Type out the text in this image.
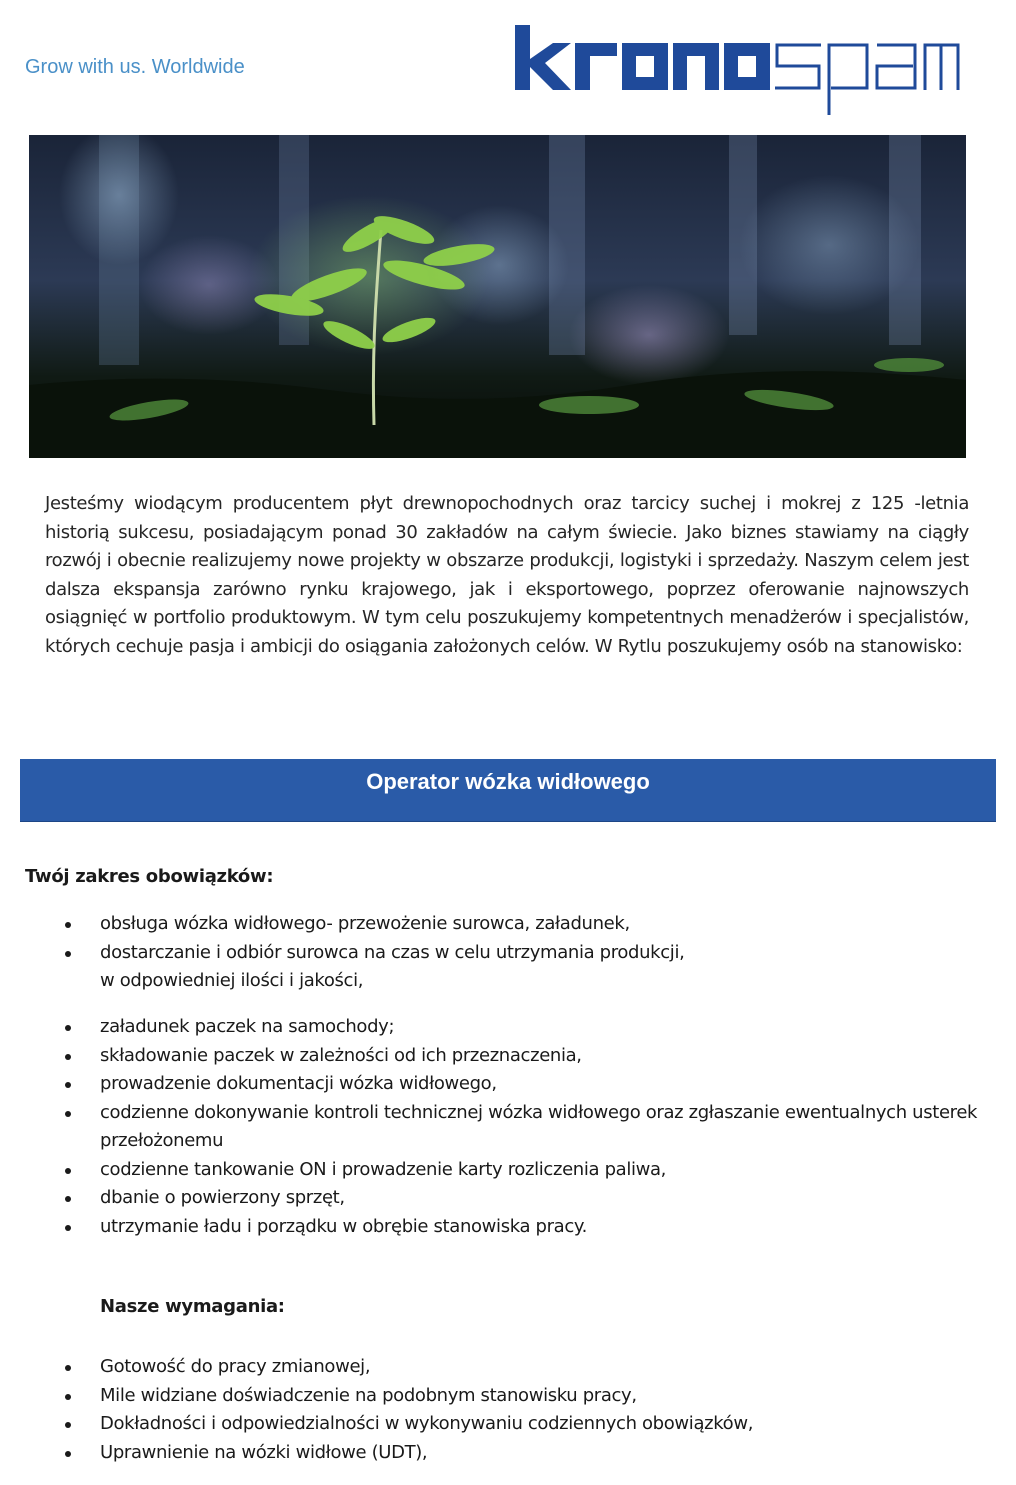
Grow with us. Worldwide
Jesteśmy wiodącym producentem płyt drewnopochodnych oraz tarcicy suchej i mokrej z 125 -letnia historią sukcesu, posiadającym ponad 30 zakładów na całym świecie. Jako biznes stawiamy na ciągły rozwój i obecnie realizujemy nowe projekty w obszarze produkcji, logistyki i sprzedaży. Naszym celem jest dalsza ekspansja zarówno rynku krajowego, jak i eksportowego, poprzez oferowanie najnowszych osiągnięć w portfolio produktowym. W tym celu poszukujemy kompetentnych menadżerów i specjalistów, których cechuje pasja i ambicji do osiągania założonych celów. W Rytlu poszukujemy osób na stanowisko:
Operator wózka widłowego
Twój zakres obowiązków:
obsługa wózka widłowego- przewożenie surowca, załadunek,
dostarczanie i odbiór surowca na czas w celu utrzymania produkcji,
w odpowiedniej ilości i jakości,
załadunek paczek na samochody;
składowanie paczek w zależności od ich przeznaczenia,
prowadzenie dokumentacji wózka widłowego,
codzienne dokonywanie kontroli technicznej wózka widłowego oraz zgłaszanie ewentualnych usterek przełożonemu
codzienne tankowanie ON i prowadzenie karty rozliczenia paliwa,
dbanie o powierzony sprzęt,
utrzymanie ładu i porządku w obrębie stanowiska pracy.
Nasze wymagania:
Gotowość do pracy zmianowej,
Mile widziane doświadczenie na podobnym stanowisku pracy,
Dokładności i odpowiedzialności w wykonywaniu codziennych obowiązków,
Uprawnienie na wózki widłowe (UDT),
